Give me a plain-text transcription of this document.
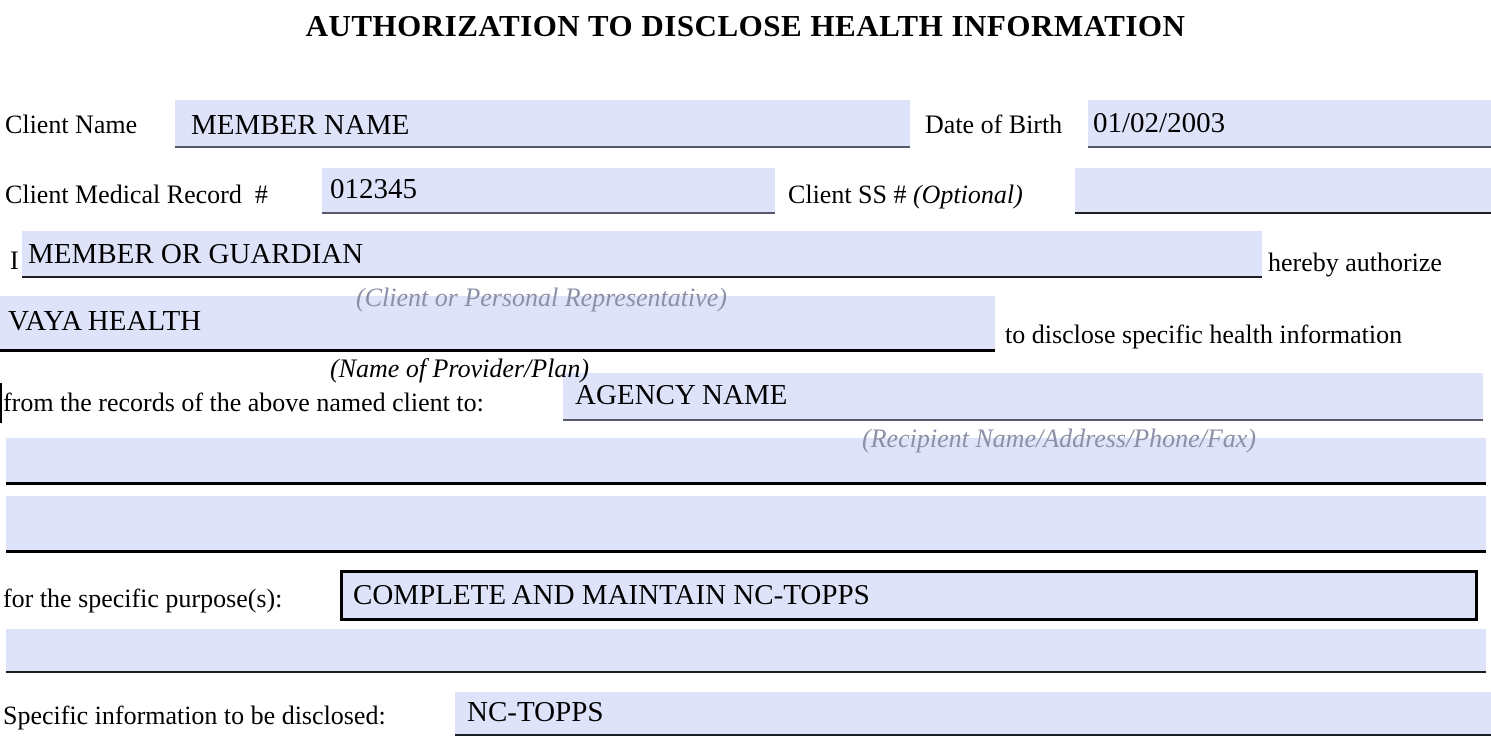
AUTHORIZATION TO DISCLOSE HEALTH INFORMATION
Client Name	MEMBER NAME	Date of Birth 01/02/2003
Client Medical Record  # 012345	Client SS # (Optional)
I MEMBER OR GUARDIAN	hereby authorize
(Client or Personal Representative)
VAYA HEALTH	to disclose specific health information
(Name of Provider/Plan)
from the records of the above named client to:	AGENCY NAME
(Recipient Name/Address/Phone/Fax)
for the specific purpose(s):	COMPLETE AND MAINTAIN NC-TOPPS
Specific information to be disclosed:	NC-TOPPS
